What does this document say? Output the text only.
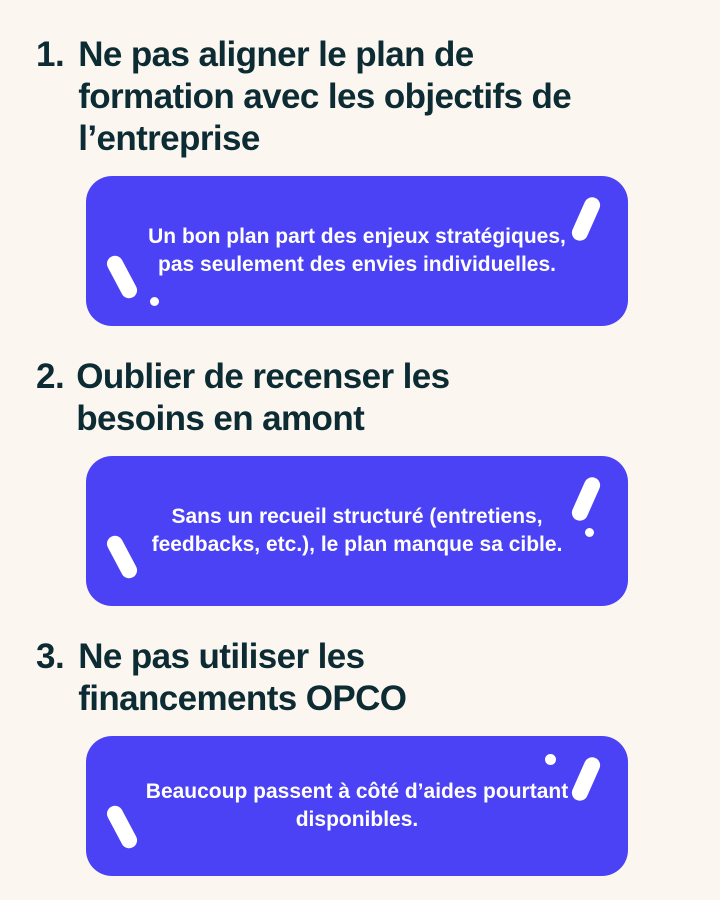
1. Ne pas aligner le plan de formation avec les objectifs de l’entreprise
Un bon plan part des enjeux stratégiques, pas seulement des envies individuelles.
2. Oublier de recenser les besoins en amont
Sans un recueil structuré (entretiens, feedbacks, etc.), le plan manque sa cible.
3. Ne pas utiliser les financements OPCO
Beaucoup passent à côté d’aides pourtant disponibles.
